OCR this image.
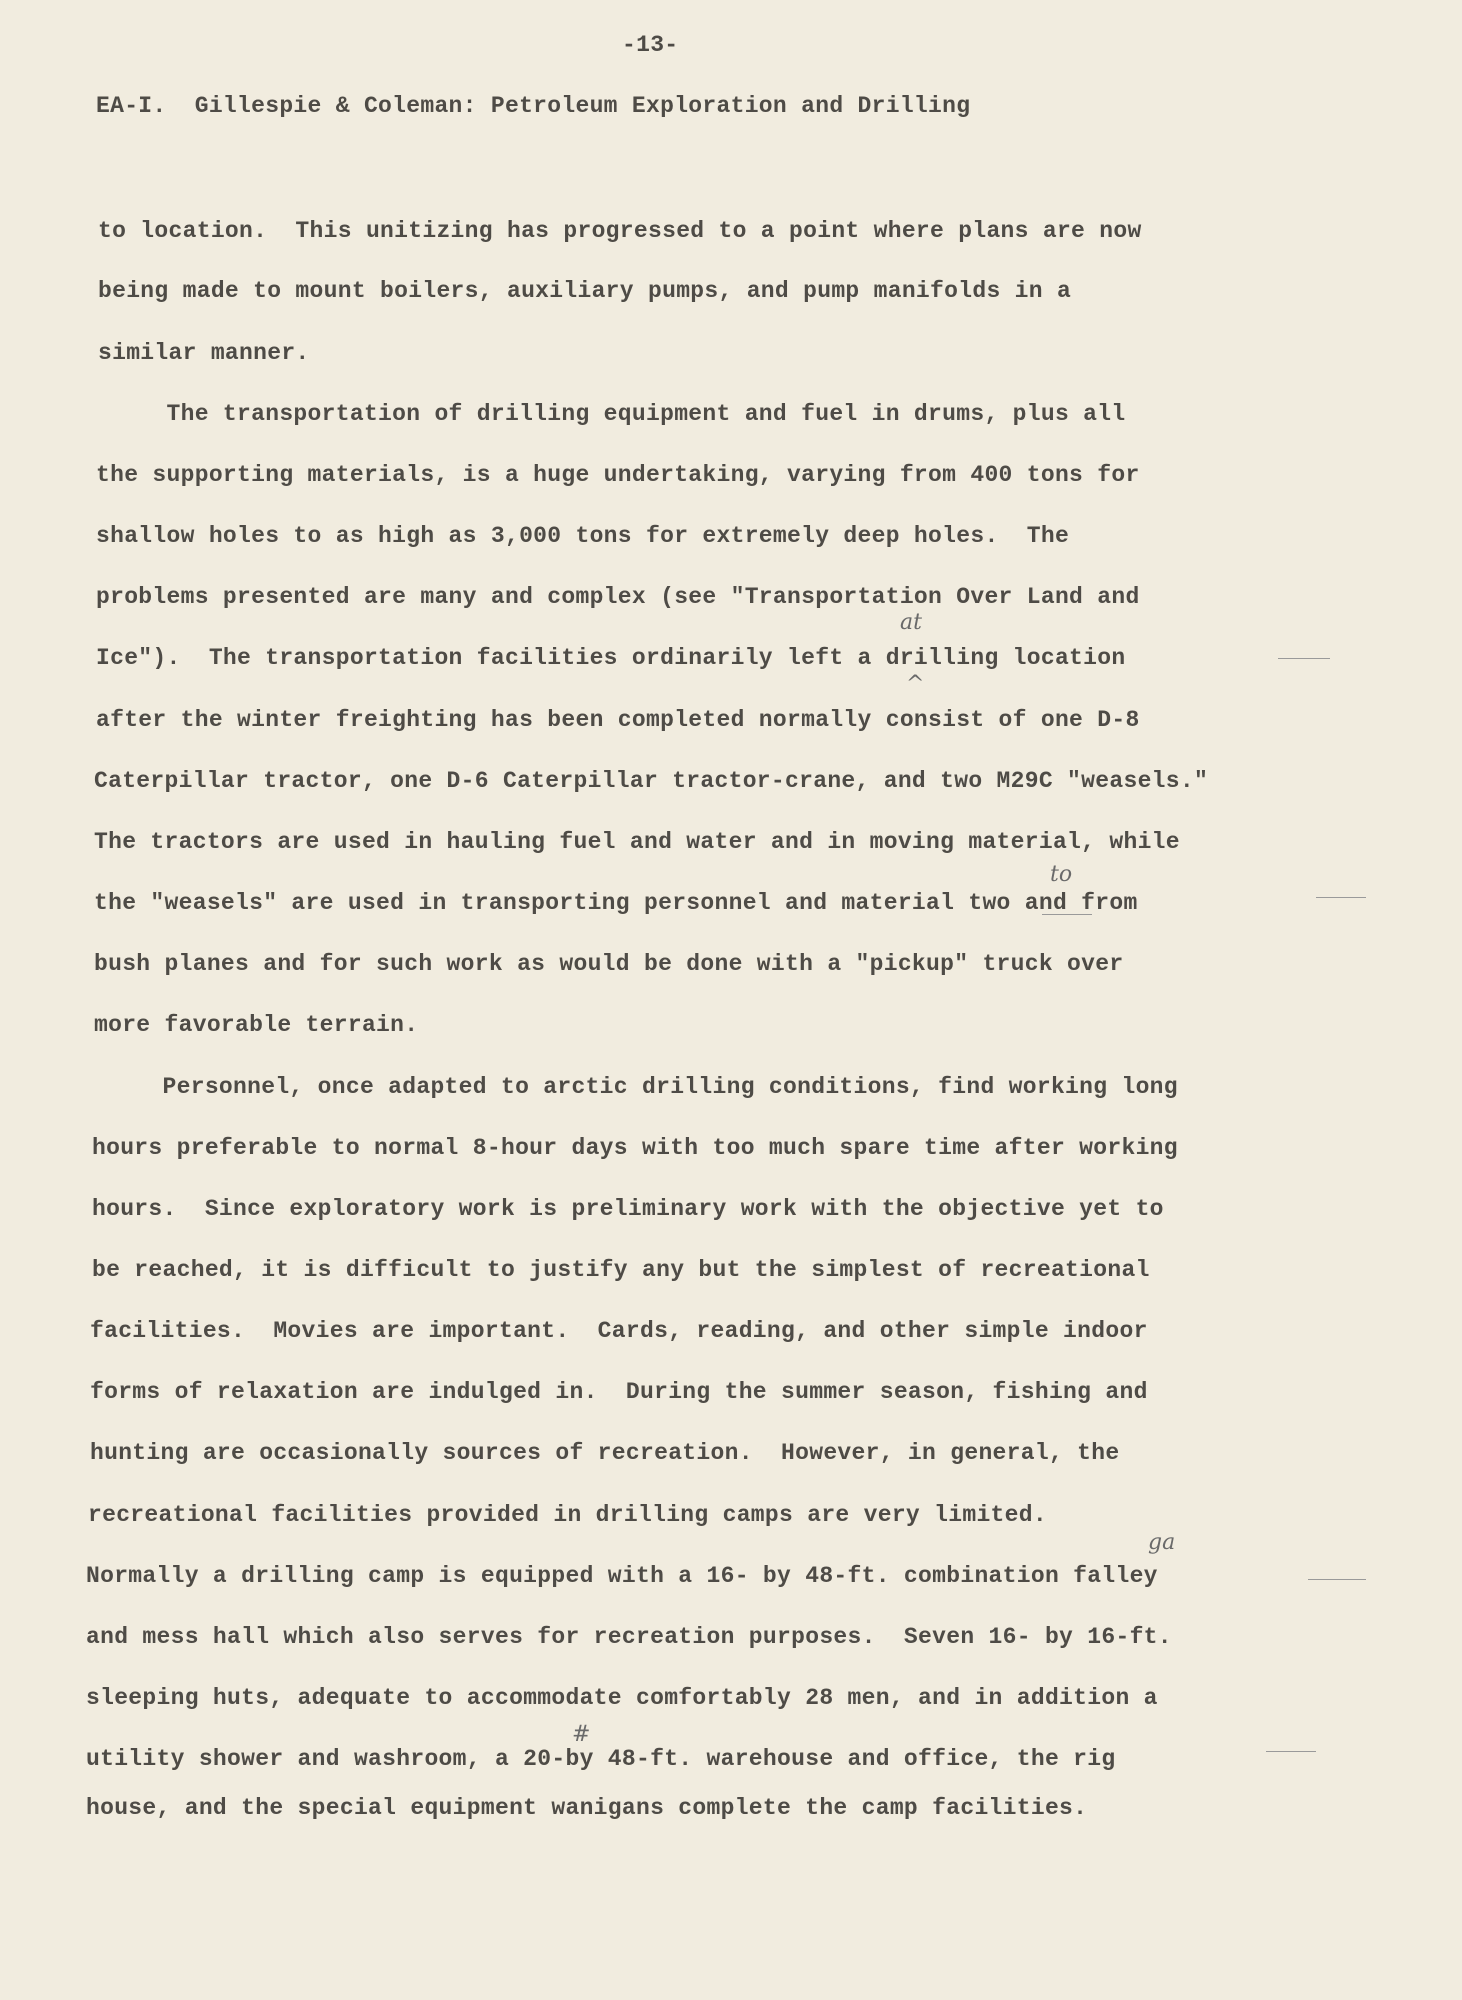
-13-
EA-I.  Gillespie & Coleman: Petroleum Exploration and Drilling
to location.  This unitizing has progressed to a point where plans are now
being made to mount boilers, auxiliary pumps, and pump manifolds in a
similar manner.
The transportation of drilling equipment and fuel in drums, plus all
the supporting materials, is a huge undertaking, varying from 400 tons for
shallow holes to as high as 3,000 tons for extremely deep holes.  The
problems presented are many and complex (see "Transportation Over Land and
Ice").  The transportation facilities ordinarily left a drilling location
after the winter freighting has been completed normally consist of one D-8
Caterpillar tractor, one D-6 Caterpillar tractor-crane, and two M29C "weasels."
The tractors are used in hauling fuel and water and in moving material, while
the "weasels" are used in transporting personnel and material two and from
bush planes and for such work as would be done with a "pickup" truck over
more favorable terrain.
Personnel, once adapted to arctic drilling conditions, find working long
hours preferable to normal 8-hour days with too much spare time after working
hours.  Since exploratory work is preliminary work with the objective yet to
be reached, it is difficult to justify any but the simplest of recreational
facilities.  Movies are important.  Cards, reading, and other simple indoor
forms of relaxation are indulged in.  During the summer season, fishing and
hunting are occasionally sources of recreation.  However, in general, the
recreational facilities provided in drilling camps are very limited.
Normally a drilling camp is equipped with a 16- by 48-ft. combination falley
and mess hall which also serves for recreation purposes.  Seven 16- by 16-ft.
sleeping huts, adequate to accommodate comfortably 28 men, and in addition a
utility shower and washroom, a 20-by 48-ft. warehouse and office, the rig
house, and the special equipment wanigans complete the camp facilities.
at
^
to
ga
#
